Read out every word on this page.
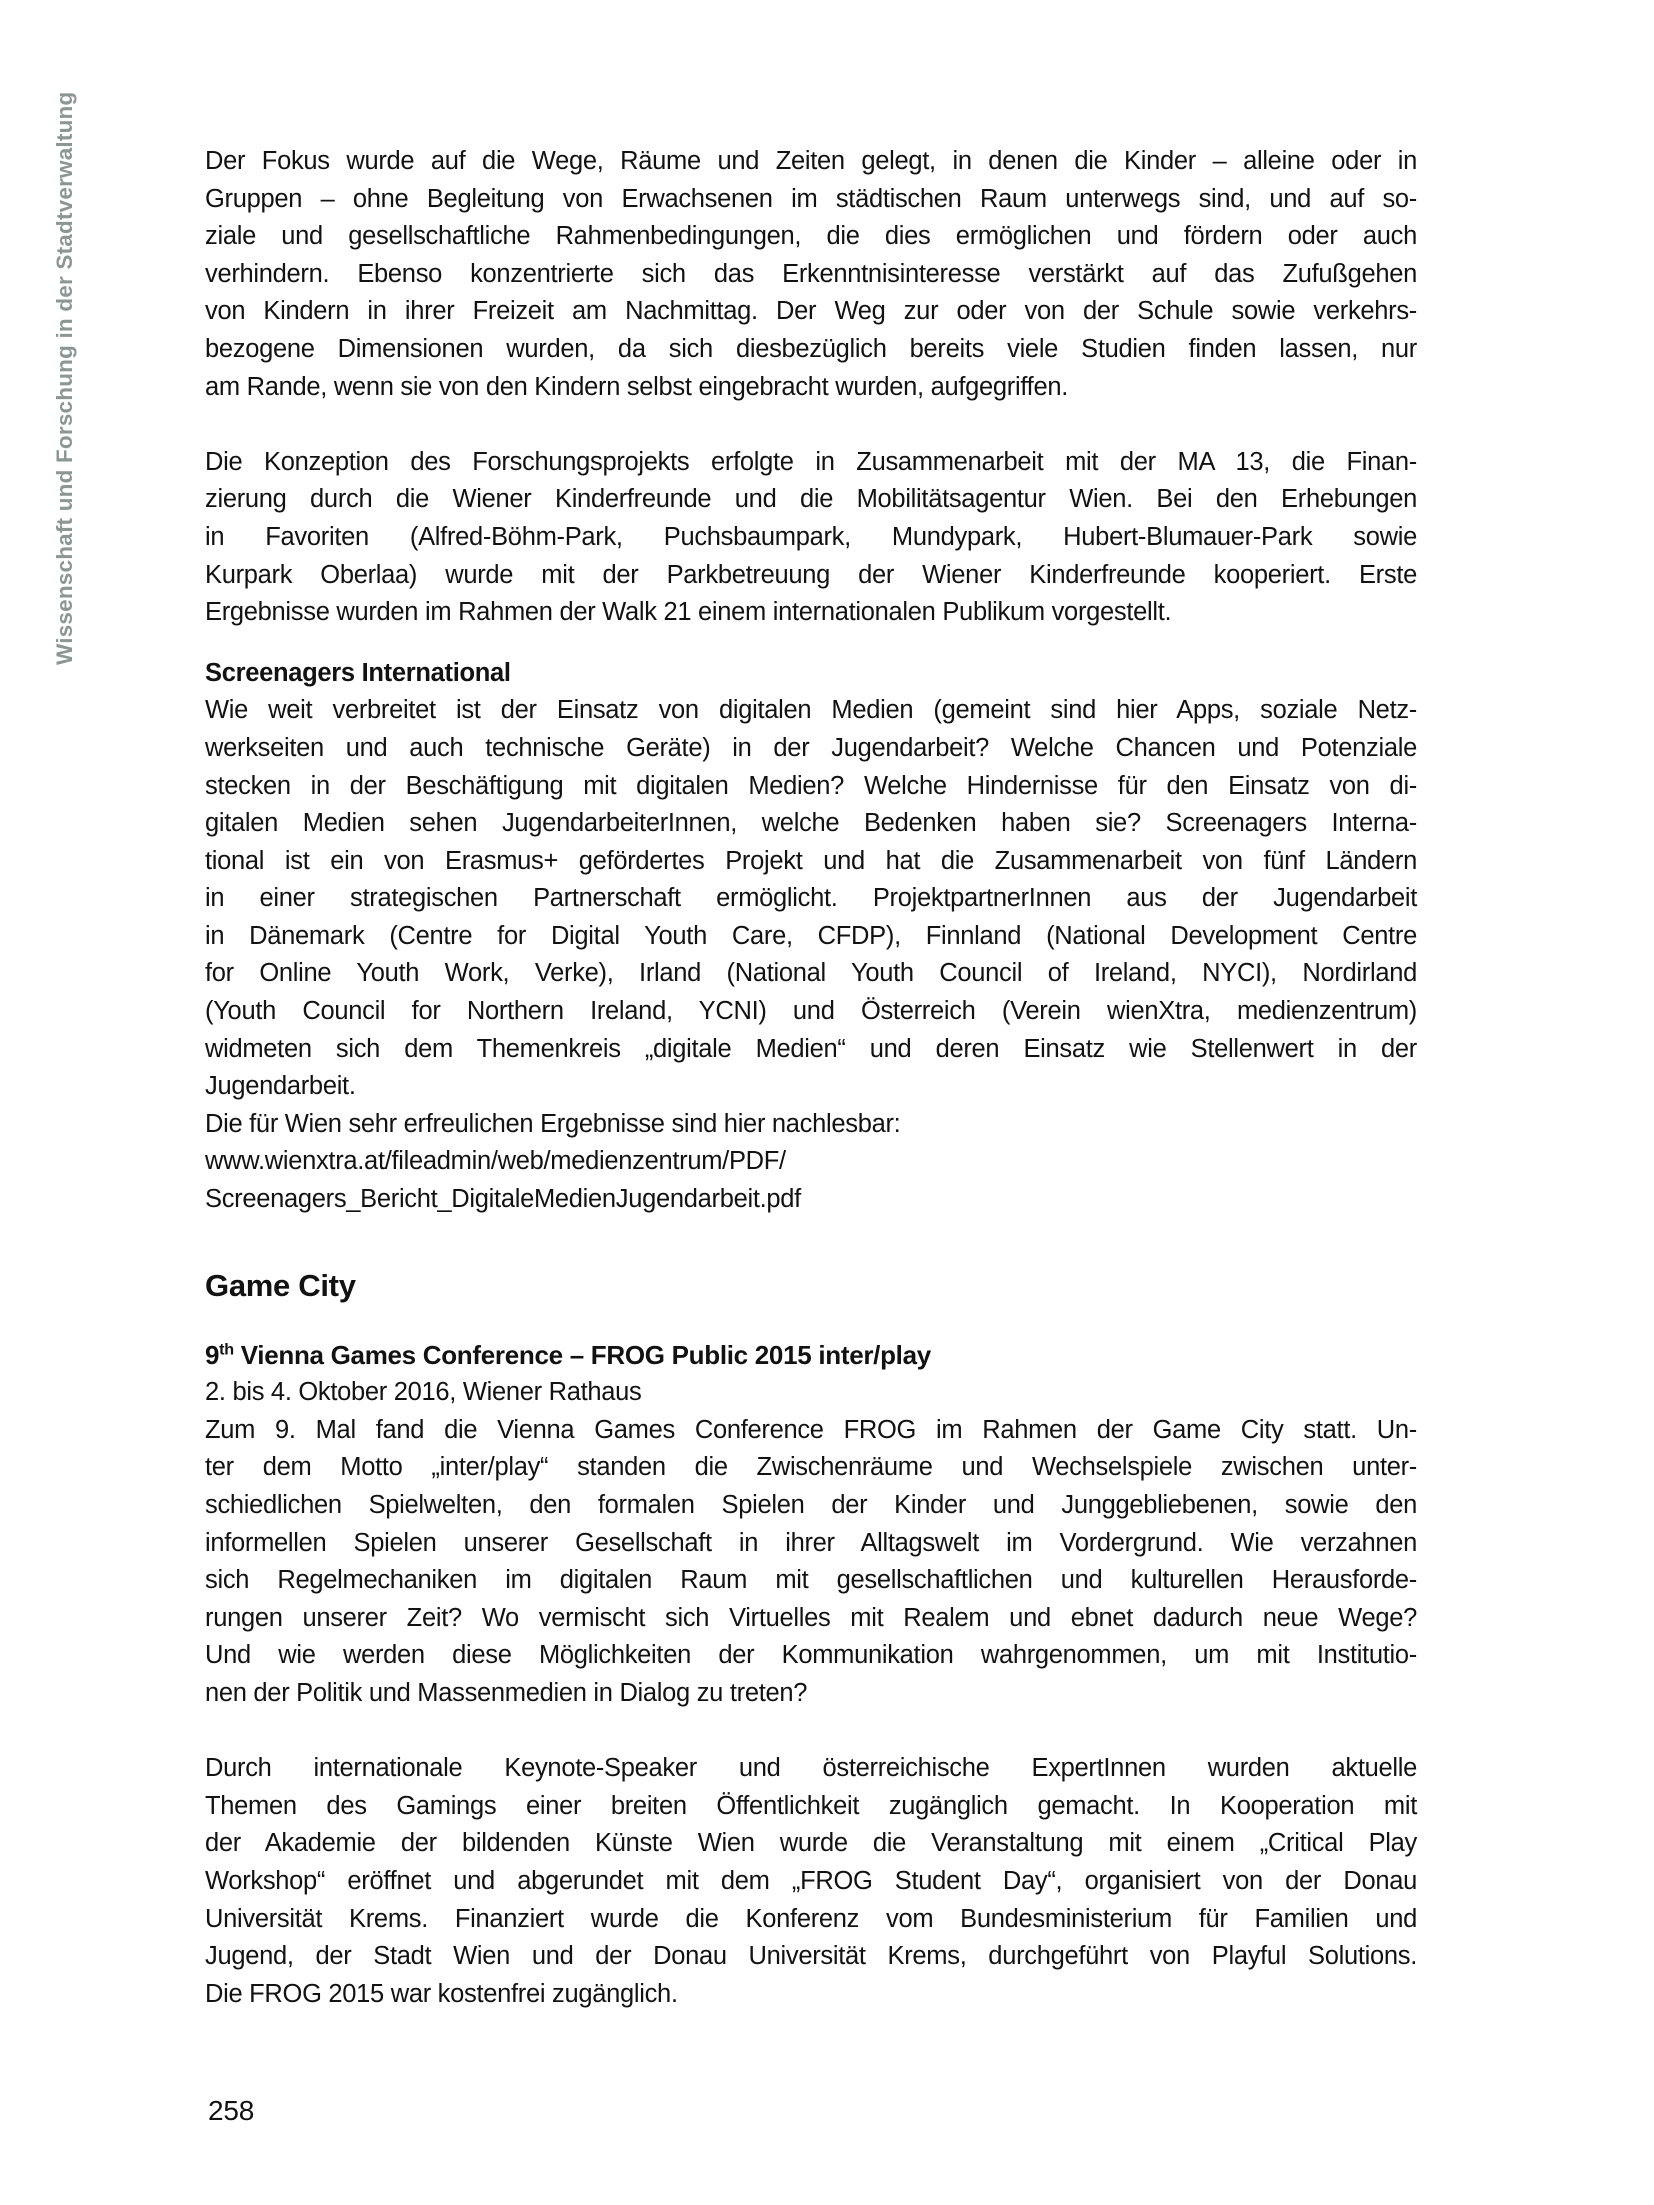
Wissenschaft und Forschung in der Stadtverwaltung	Der Fokus wurde auf die Wege, Räume und Zeiten gelegt, in denen die Kinder – alleine oder in
Gruppen – ohne Begleitung von Erwachsenen im städtischen Raum unterwegs sind, und auf so-
ziale und gesellschaftliche Rahmenbedingungen, die dies ermöglichen und fördern oder auch
verhindern. Ebenso konzentrierte sich das Erkenntnisinteresse verstärkt auf das Zufußgehen
von Kindern in ihrer Freizeit am Nachmittag. Der Weg zur oder von der Schule sowie verkehrs-
bezogene Dimensionen wurden, da sich diesbezüglich bereits viele Studien finden lassen, nur
am Rande, wenn sie von den Kindern selbst eingebracht wurden, aufgegriffen.
Die Konzeption des Forschungsprojekts erfolgte in Zusammenarbeit mit der MA 13, die Finan-
zierung durch die Wiener Kinderfreunde und die Mobilitätsagentur Wien. Bei den Erhebungen
in Favoriten (Alfred-Böhm-Park, Puchsbaumpark, Mundypark, Hubert-Blumauer-Park sowie
Kurpark Oberlaa) wurde mit der Parkbetreuung der Wiener Kinderfreunde kooperiert. Erste
Ergebnisse wurden im Rahmen der Walk 21 einem internationalen Publikum vorgestellt.
Screenagers International
Wie weit verbreitet ist der Einsatz von digitalen Medien (gemeint sind hier Apps, soziale Netz-
werkseiten und auch technische Geräte) in der Jugendarbeit? Welche Chancen und Potenziale
stecken in der Beschäftigung mit digitalen Medien? Welche Hindernisse für den Einsatz von di-
gitalen Medien sehen JugendarbeiterInnen, welche Bedenken haben sie? Screenagers Interna-
tional ist ein von Erasmus+ gefördertes Projekt und hat die Zusammenarbeit von fünf Ländern
in einer strategischen Partnerschaft ermöglicht. ProjektpartnerInnen aus der Jugendarbeit
in Dänemark (Centre for Digital Youth Care, CFDP), Finnland (National Development Centre
for Online Youth Work, Verke), Irland (National Youth Council of Ireland, NYCI), Nordirland
(Youth Council for Northern Ireland, YCNI) und Österreich (Verein wienXtra, medienzentrum)
widmeten sich dem Themenkreis „digitale Medien“ und deren Einsatz wie Stellenwert in der
Jugendarbeit.
Die für Wien sehr erfreulichen Ergebnisse sind hier nachlesbar:
www.wienxtra.at/fileadmin/web/medienzentrum/PDF/
Screenagers_Bericht_DigitaleMedienJugendarbeit.pdf
Game City
9th Vienna Games Conference – FROG Public 2015 inter/play
2. bis 4. Oktober 2016, Wiener Rathaus
Zum 9. Mal fand die Vienna Games Conference FROG im Rahmen der Game City statt. Un-
ter dem Motto „inter/play“ standen die Zwischenräume und Wechselspiele zwischen unter-
schiedlichen Spielwelten, den formalen Spielen der Kinder und Junggebliebenen, sowie den
informellen Spielen unserer Gesellschaft in ihrer Alltagswelt im Vordergrund. Wie verzahnen
sich Regelmechaniken im digitalen Raum mit gesellschaftlichen und kulturellen Herausforde-
rungen unserer Zeit? Wo vermischt sich Virtuelles mit Realem und ebnet dadurch neue Wege?
Und wie werden diese Möglichkeiten der Kommunikation wahrgenommen, um mit Institutio-
nen der Politik und Massenmedien in Dialog zu treten?
Durch internationale Keynote-Speaker und österreichische ExpertInnen wurden aktuelle
Themen des Gamings einer breiten Öffentlichkeit zugänglich gemacht. In Kooperation mit
der Akademie der bildenden Künste Wien wurde die Veranstaltung mit einem „Critical Play
Workshop“ eröffnet und abgerundet mit dem „FROG Student Day“, organisiert von der Donau
Universität Krems. Finanziert wurde die Konferenz vom Bundesministerium für Familien und
Jugend, der Stadt Wien und der Donau Universität Krems, durchgeführt von Playful Solutions.
Die FROG 2015 war kostenfrei zugänglich.
258
